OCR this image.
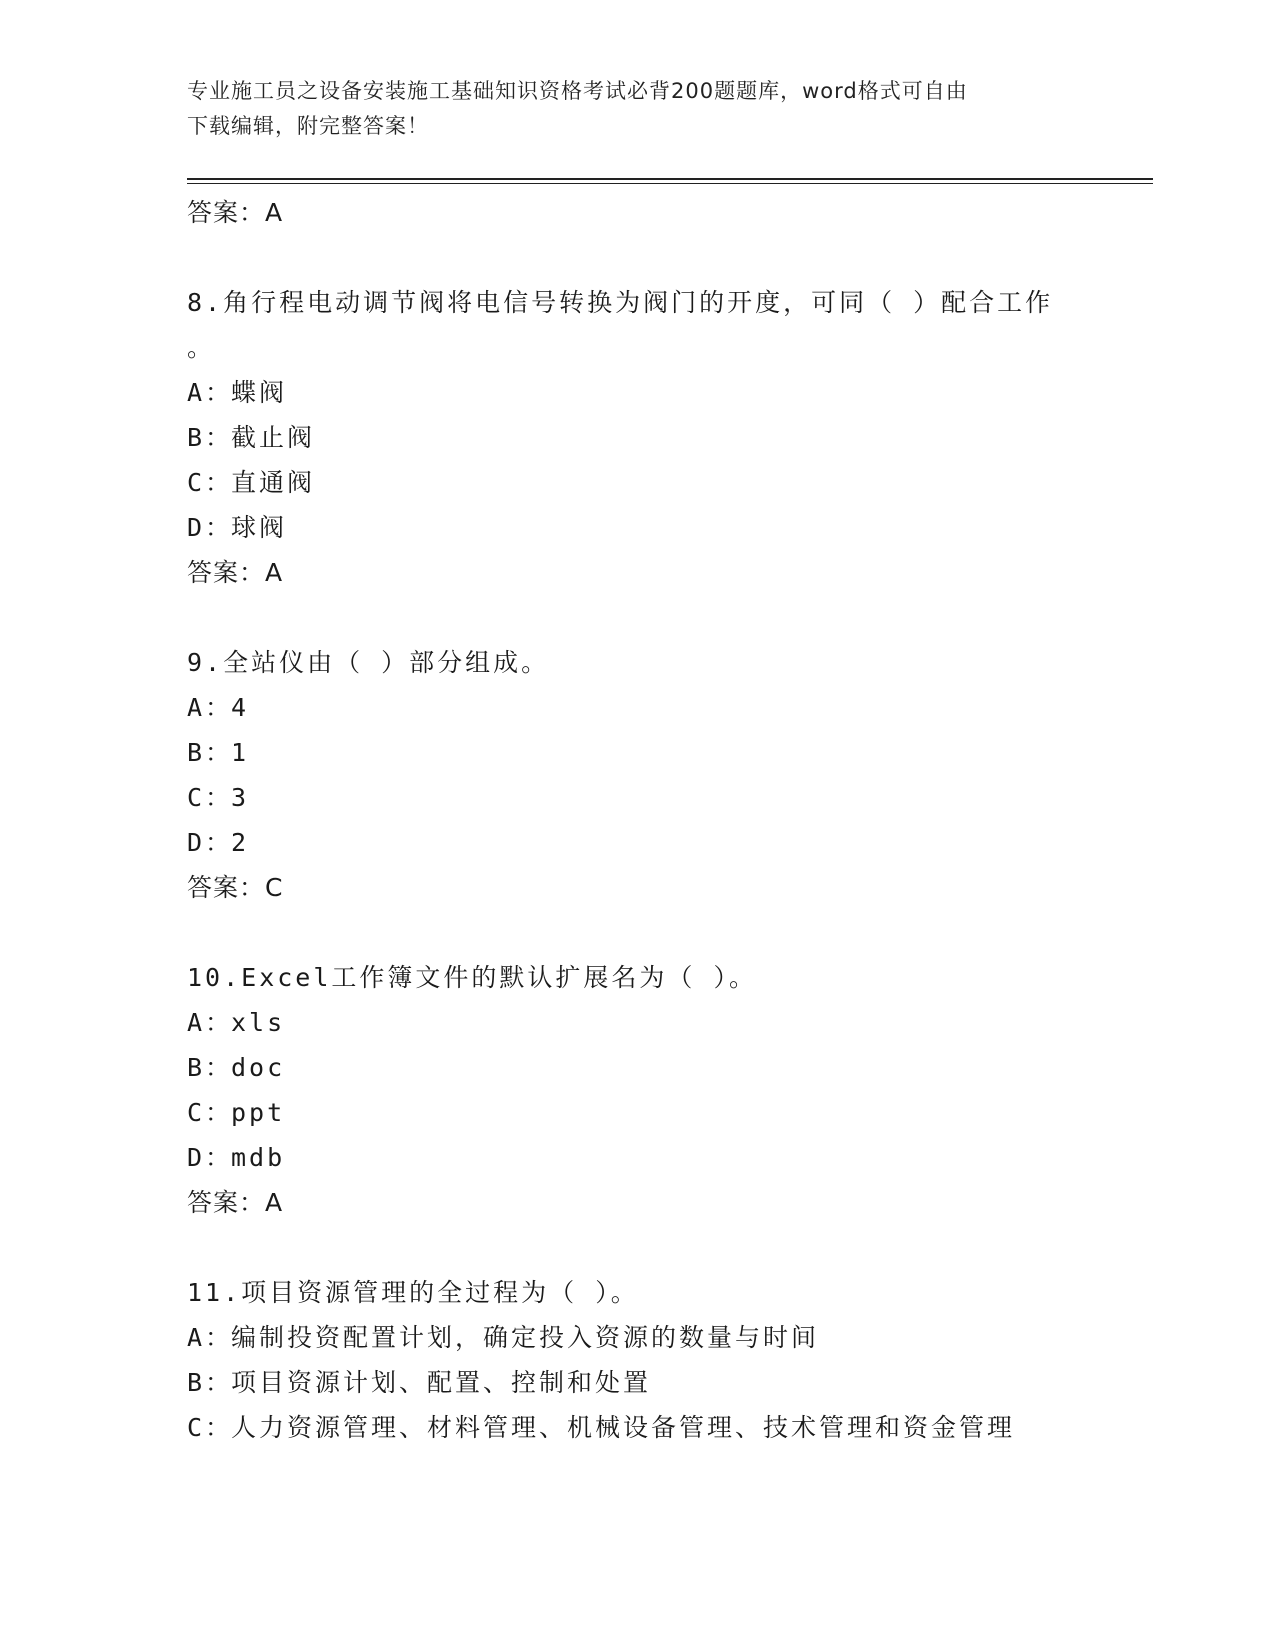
专业施工员之设备安装施工基础知识资格考试必背200题题库，word格式可自由
下载编辑，附完整答案！
答案：A
8.角行程电动调节阀将电信号转换为阀门的开度，可同（ ）配合工作
。
A：蝶阀
B：截止阀
C：直通阀
D：球阀
答案：A
9.全站仪由（ ）部分组成。
A：4
B：1
C：3
D：2
答案：C
10.Excel工作簿文件的默认扩展名为（ ）。
A：xls
B：doc
C：ppt
D：mdb
答案：A
11.项目资源管理的全过程为（ ）。
A：编制投资配置计划，确定投入资源的数量与时间
B：项目资源计划、配置、控制和处置
C：人力资源管理、材料管理、机械设备管理、技术管理和资金管理
